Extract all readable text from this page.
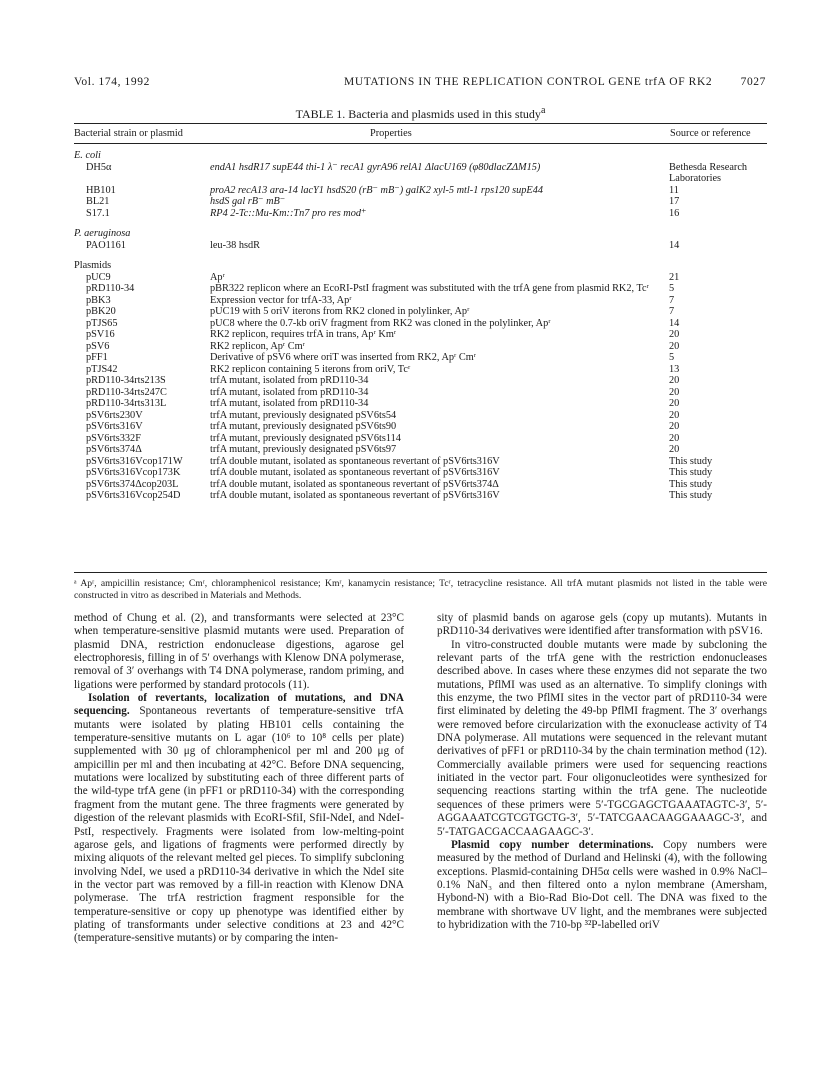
Vol. 174, 1992	MUTATIONS IN THE REPLICATION CONTROL GENE trfA OF RK2 7027
TABLE 1. Bacteria and plasmids used in this study$^a$
Bacterial strain or plasmid	Properties	Source or reference
E. coli		
DH5α	endA1 hsdR17 supE44 thi-1 λ⁻ recA1 gyrA96 relA1 ΔlacU169 (φ80dlacZΔM15)	Bethesda Research Laboratories
HB101	proA2 recA13 ara-14 lacY1 hsdS20 (rB⁻ mB⁻) galK2 xyl-5 mtl-1 rps120 supE44	11
BL21	hsdS gal rB⁻ mB⁻	17
S17.1	RP4 2-Tc::Mu-Km::Tn7 pro res mod⁺	16

P. aeruginosa		
PAO1161	leu-38 hsdR	14

Plasmids		
pUC9	Apʳ	21
pRD110-34	pBR322 replicon where an EcoRI-PstI fragment was substituted with the trfA gene from plasmid RK2, Tcʳ	5
pBK3	Expression vector for trfA-33, Apʳ	7
pBK20	pUC19 with 5 oriV iterons from RK2 cloned in polylinker, Apʳ	7
pTJS65	pUC8 where the 0.7-kb oriV fragment from RK2 was cloned in the polylinker, Apʳ	14
pSV16	RK2 replicon, requires trfA in trans, Apʳ Kmʳ	20
pSV6	RK2 replicon, Apʳ Cmʳ	20
pFF1	Derivative of pSV6 where oriT was inserted from RK2, Apʳ Cmʳ	5
pTJS42	RK2 replicon containing 5 iterons from oriV, Tcʳ	13
pRD110-34rts213S	trfA mutant, isolated from pRD110-34	20
pRD110-34rts247C	trfA mutant, isolated from pRD110-34	20
pRD110-34rts313L	trfA mutant, isolated from pRD110-34	20
pSV6rts230V	trfA mutant, previously designated pSV6ts54	20
pSV6rts316V	trfA mutant, previously designated pSV6ts90	20
pSV6rts332F	trfA mutant, previously designated pSV6ts114	20
pSV6rts374Δ	trfA mutant, previously designated pSV6ts97	20
pSV6rts316Vcop171W	trfA double mutant, isolated as spontaneous revertant of pSV6rts316V	This study
pSV6rts316Vcop173K	trfA double mutant, isolated as spontaneous revertant of pSV6rts316V	This study
pSV6rts374Δcop203L	trfA double mutant, isolated as spontaneous revertant of pSV6rts374Δ	This study
pSV6rts316Vcop254D	trfA double mutant, isolated as spontaneous revertant of pSV6rts316V	This study
ᵃ Apʳ, ampicillin resistance; Cmʳ, chloramphenicol resistance; Kmʳ, kanamycin resistance; Tcʳ, tetracycline resistance. All trfA mutant plasmids not listed in the table were constructed in vitro as described in Materials and Methods.

method of Chung et al. (2), and transformants were selected at 23°C when temperature-sensitive plasmid mutants were used. Preparation of plasmid DNA, restriction endonuclease digestions, agarose gel electrophoresis, filling in of 5′ overhangs with Klenow DNA polymerase, removal of 3′ overhangs with T4 DNA polymerase, random priming, and ligations were performed by standard protocols (11).

Isolation of revertants, localization of mutations, and DNA sequencing. Spontaneous revertants of temperature-sensitive trfA mutants were isolated by plating HB101 cells containing the temperature-sensitive mutants on L agar (10⁶ to 10⁸ cells per plate) supplemented with 30 μg of chloramphenicol per ml and 200 μg of ampicillin per ml and then incubating at 42°C. Before DNA sequencing, mutations were localized by substituting each of three different parts of the wild-type trfA gene (in pFF1 or pRD110-34) with the corresponding fragment from the mutant gene. The three fragments were generated by digestion of the relevant plasmids with EcoRI-SfiI, SfiI-NdeI, and NdeI-PstI, respectively. Fragments were isolated from low-melting-point agarose gels, and ligations of fragments were performed directly by mixing aliquots of the relevant melted gel pieces. To simplify subcloning involving NdeI, we used a pRD110-34 derivative in which the NdeI site in the vector part was removed by a fill-in reaction with Klenow DNA polymerase. The trfA restriction fragment responsible for the temperature-sensitive or copy up phenotype was identified either by plating of transformants under selective conditions at 23 and 42°C (temperature-sensitive mutants) or by comparing the inten-

sity of plasmid bands on agarose gels (copy up mutants). Mutants in pRD110-34 derivatives were identified after transformation with pSV16.

In vitro-constructed double mutants were made by subcloning the relevant parts of the trfA gene with the restriction endonucleases described above. In cases where these enzymes did not separate the two mutations, PflMI was used as an alternative. To simplify clonings with this enzyme, the two PflMI sites in the vector part of pRD110-34 were first eliminated by deleting the 49-bp PflMI fragment. The 3′ overhangs were removed before circularization with the exonuclease activity of T4 DNA polymerase. All mutations were sequenced in the relevant mutant derivatives of pFF1 or pRD110-34 by the chain termination method (12). Commercially available primers were used for sequencing reactions initiated in the vector part. Four oligonucleotides were synthesized for sequencing reactions starting within the trfA gene. The nucleotide sequences of these primers were 5′-TGCGAGCTGAAATAGTC-3′, 5′-AGGAAATCGTCGTGCTG-3′, 5′-TATCGAACAAGGAAAGC-3′, and 5′-TATGACGACCAAGAAGC-3′.

Plasmid copy number determinations. Copy numbers were measured by the method of Durland and Helinski (4), with the following exceptions. Plasmid-containing DH5α cells were washed in 0.9% NaCl–0.1% NaN₃ and then filtered onto a nylon membrane (Amersham, Hybond-N) with a Bio-Rad Bio-Dot cell. The DNA was fixed to the membrane with shortwave UV light, and the membranes were subjected to hybridization with the 710-bp ³²P-labelled oriV
